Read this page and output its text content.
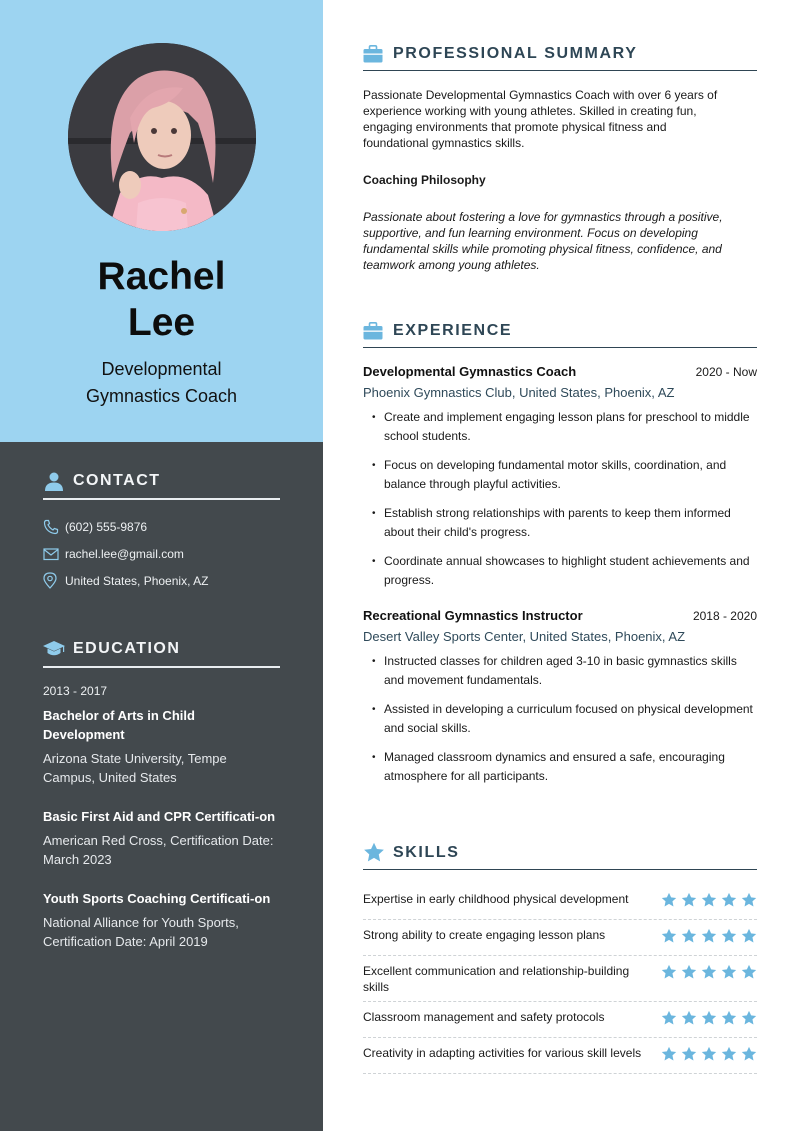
Rachel
Lee
Developmental
Gymnastics Coach
CONTACT
(602) 555-9876
rachel.lee@gmail.com
United States, Phoenix, AZ
EDUCATION
2013 - 2017
Bachelor of Arts in Child Development
Arizona State University, Tempe Campus, United States
Basic First Aid and CPR Certificati-on
American Red Cross, Certification Date: March 2023
Youth Sports Coaching Certificati-on
National Alliance for Youth Sports, Certification Date: April 2019
PROFESSIONAL SUMMARY

Passionate Developmental Gymnastics Coach with over 6 years of experience working with young athletes. Skilled in creating fun, engaging environments that promote physical fitness and foundational gymnastics skills.

Coaching Philosophy

Passionate about fostering a love for gymnastics through a positive, supportive, and fun learning environment. Focus on developing fundamental skills while promoting physical fitness, confidence, and teamwork among young athletes.

EXPERIENCE
Developmental Gymnastics Coach	2020 - Now
Phoenix Gymnastics Club, United States, Phoenix, AZ
• Create and implement engaging lesson plans for preschool to middle school students.
• Focus on developing fundamental motor skills, coordination, and balance through playful activities.
• Establish strong relationships with parents to keep them informed about their child's progress.
• Coordinate annual showcases to highlight student achievements and progress.
Recreational Gymnastics Instructor	2018 - 2020
Desert Valley Sports Center, United States, Phoenix, AZ
• Instructed classes for children aged 3-10 in basic gymnastics skills and movement fundamentals.
• Assisted in developing a curriculum focused on physical development and social skills.
• Managed classroom dynamics and ensured a safe, encouraging atmosphere for all participants.
SKILLS
Expertise in early childhood physical development
Strong ability to create engaging lesson plans
Excellent communication and relationship-building skills
Classroom management and safety protocols
Creativity in adapting activities for various skill levels
